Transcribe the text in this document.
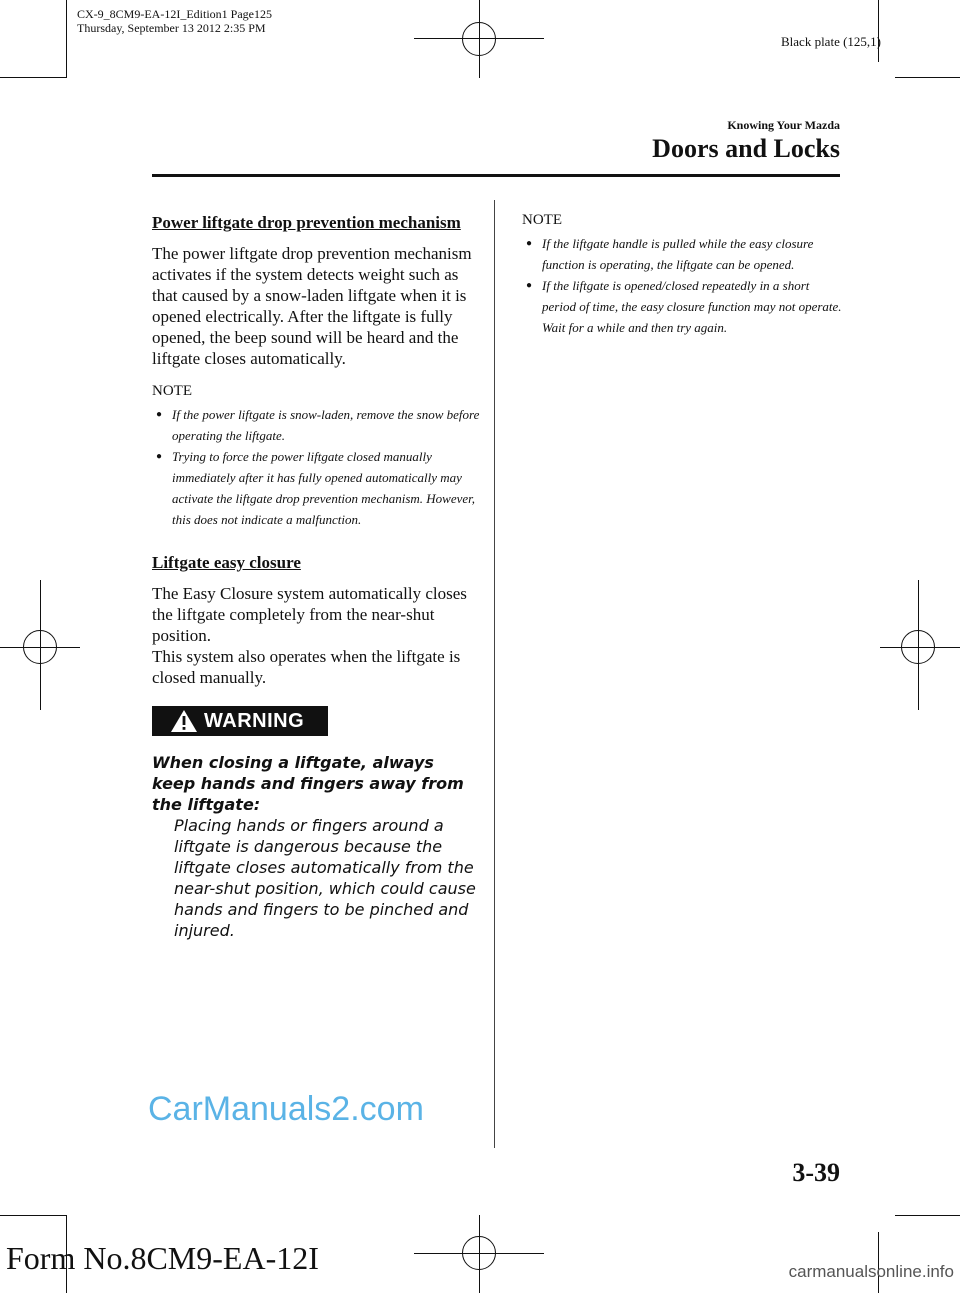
CX-9_8CM9-EA-12I_Edition1 Page125
Thursday, September 13 2012 2:35 PM
Black plate (125,1)
Knowing Your Mazda
Doors and Locks

Power liftgate drop prevention mechanism

The power liftgate drop prevention mechanism activates if the system detects weight such as that caused by a snow-laden liftgate when it is opened electrically. After the liftgate is fully opened, the beep sound will be heard and the liftgate closes automatically.

NOTE
● If the power liftgate is snow-laden, remove the snow before operating the liftgate.
● Trying to force the power liftgate closed manually immediately after it has fully opened automatically may activate the liftgate drop prevention mechanism. However, this does not indicate a malfunction.

Liftgate easy closure

The Easy Closure system automatically closes the liftgate completely from the near-shut position.

This system also operates when the liftgate is closed manually.

WARNING

When closing a liftgate, always keep hands and fingers away from the liftgate:

Placing hands or fingers around a liftgate is dangerous because the liftgate closes automatically from the near-shut position, which could cause hands and fingers to be pinched and injured.

NOTE
● If the liftgate handle is pulled while the easy closure function is operating, the liftgate can be opened.
● If the liftgate is opened/closed repeatedly in a short period of time, the easy closure function may not operate. Wait for a while and then try again.
CarManuals2.com
3-39
Form No.8CM9-EA-12I	carmanualsonline.info
